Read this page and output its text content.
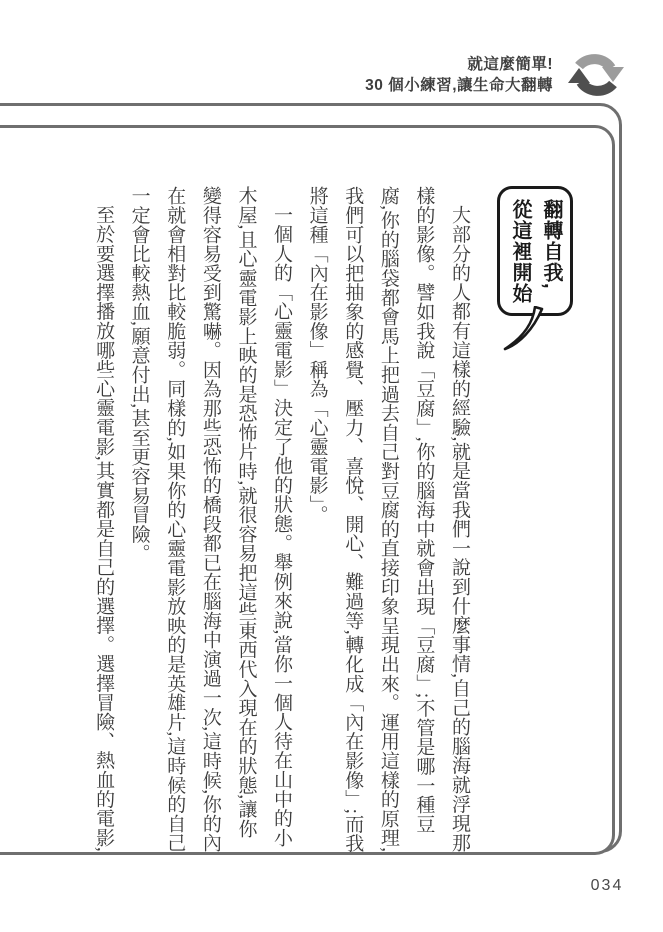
就這麼簡單!
30 個小練習,讓生命大翻轉
翻轉自我,
從這裡開始

大部分的人都有這樣的經驗,就是當我們一說到什麼事情,自己的腦海就浮現那樣的影像。譬如我說「豆腐」,你的腦海中就會出現「豆腐」;不管是哪一種豆腐,你的腦袋都會馬上把過去自己對豆腐的直接印象呈現出來。運用這樣的原理,我們可以把抽象的感覺、壓力、喜悅、開心、難過等,轉化成「內在影像」;而我將這種「內在影像」稱為「心靈電影」。

一個人的「心靈電影」決定了他的狀態。舉例來說,當你一個人待在山中的小木屋,且心靈電影上映的是恐怖片時,就很容易把這些東西代入現在的狀態,讓你變得容易受到驚嚇。因為那些恐怖的橋段都已在腦海中演過一次,這時候,你的內在就會相對比較脆弱。同樣的,如果你的心靈電影放映的是英雄片,這時候的自己一定會比較熱血,願意付出,甚至更容易冒險。

至於要選擇播放哪些心靈電影,其實都是自己的選擇。選擇冒險、熱血的電影,

034
